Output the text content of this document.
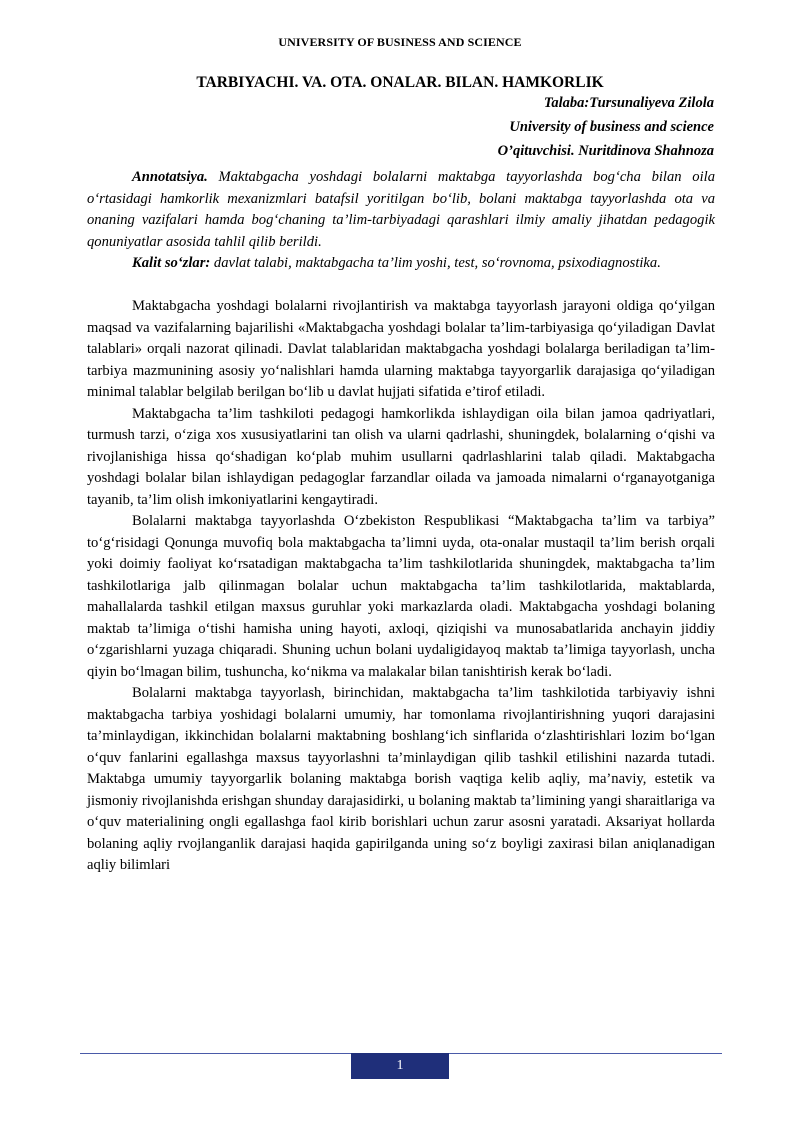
UNIVERSITY OF BUSINESS AND SCIENCE
TARBIYACHI. VA. OTA. ONALAR. BILAN. HAMKORLIK
Talaba:Tursunaliyeva Zilola
University of business and science
O’qituvchisi. Nuritdinova Shahnoza

Annotatsiya. Maktabgacha yoshdagi bolalarni maktabga tayyorlashda bog‘cha bilan oila o‘rtasidagi hamkorlik mexanizmlari batafsil yoritilgan bo‘lib, bolani maktabga tayyorlashda ota va onaning vazifalari hamda bog‘chaning ta’lim-tarbiyadagi qarashlari ilmiy amaliy jihatdan pedagogik qonuniyatlar asosida tahlil qilib berildi.

Kalit so‘zlar: davlat talabi, maktabgacha ta’lim yoshi, test, so‘rovnoma, psixodiagnostika.

Maktabgacha yoshdagi bolalarni rivojlantirish va maktabga tayyorlash jarayoni oldiga qo‘yilgan maqsad va vazifalarning bajarilishi «Maktabgacha yoshdagi bolalar ta’lim-tarbiyasiga qo‘yiladigan Davlat talablari» orqali nazorat qilinadi. Davlat talablaridan maktabgacha yoshdagi bolalarga beriladigan ta’lim-tarbiya mazmunining asosiy yo‘nalishlari hamda ularning maktabga tayyorgarlik darajasiga qo‘yiladigan minimal talablar belgilab berilgan bo‘lib u davlat hujjati sifatida e’tirof etiladi.

Maktabgacha ta’lim tashkiloti pedagogi hamkorlikda ishlaydigan oila bilan jamoa qadriyatlari, turmush tarzi, o‘ziga xos xususiyatlarini tan olish va ularni qadrlashi, shuningdek, bolalarning o‘qishi va rivojlanishiga hissa qo‘shadigan ko‘plab muhim usullarni qadrlashlarini talab qiladi. Maktabgacha yoshdagi bolalar bilan ishlaydigan pedagoglar farzandlar oilada va jamoada nimalarni o‘rganayotganiga tayanib, ta’lim olish imkoniyatlarini kengaytiradi.

Bolalarni maktabga tayyorlashda O‘zbekiston Respublikasi “Maktabgacha ta’lim va tarbiya” to‘g‘risidagi Qonunga muvofiq bola maktabgacha ta’limni uyda, ota-onalar mustaqil ta’lim berish orqali yoki doimiy faoliyat ko‘rsatadigan maktabgacha ta’lim tashkilotlarida shuningdek, maktabgacha ta’lim tashkilotlariga jalb qilinmagan bolalar uchun maktabgacha ta’lim tashkilotlarida, maktablarda, mahallalarda tashkil etilgan maxsus guruhlar yoki markazlarda oladi. Maktabgacha yoshdagi bolaning maktab ta’limiga o‘tishi hamisha uning hayoti, axloqi, qiziqishi va munosabatlarida anchayin jiddiy o‘zgarishlarni yuzaga chiqaradi. Shuning uchun bolani uydaligidayoq maktab ta’limiga tayyorlash, uncha qiyin bo‘lmagan bilim, tushuncha, ko‘nikma va malakalar bilan tanishtirish kerak bo‘ladi.

Bolalarni maktabga tayyorlash, birinchidan, maktabgacha ta’lim tashkilotida tarbiyaviy ishni maktabgacha tarbiya yoshidagi bolalarni umumiy, har tomonlama rivojlantirishning yuqori darajasini ta’minlaydigan, ikkinchidan bolalarni maktabning boshlang‘ich sinflarida o‘zlashtirishlari lozim bo‘lgan o‘quv fanlarini egallashga maxsus tayyorlashni ta’minlaydigan qilib tashkil etilishini nazarda tutadi. Maktabga umumiy tayyorgarlik bolaning maktabga borish vaqtiga kelib aqliy, ma’naviy, estetik va jismoniy rivojlanishda erishgan shunday darajasidirki, u bolaning maktab ta’limining yangi sharaitlariga va o‘quv materialining ongli egallashga faol kirib borishlari uchun zarur asosni yaratadi. Aksariyat hollarda bolaning aqliy rvojlanganlik darajasi haqida gapirilganda uning so‘z boyligi zaxirasi bilan aniqlanadigan aqliy bilimlari

1
